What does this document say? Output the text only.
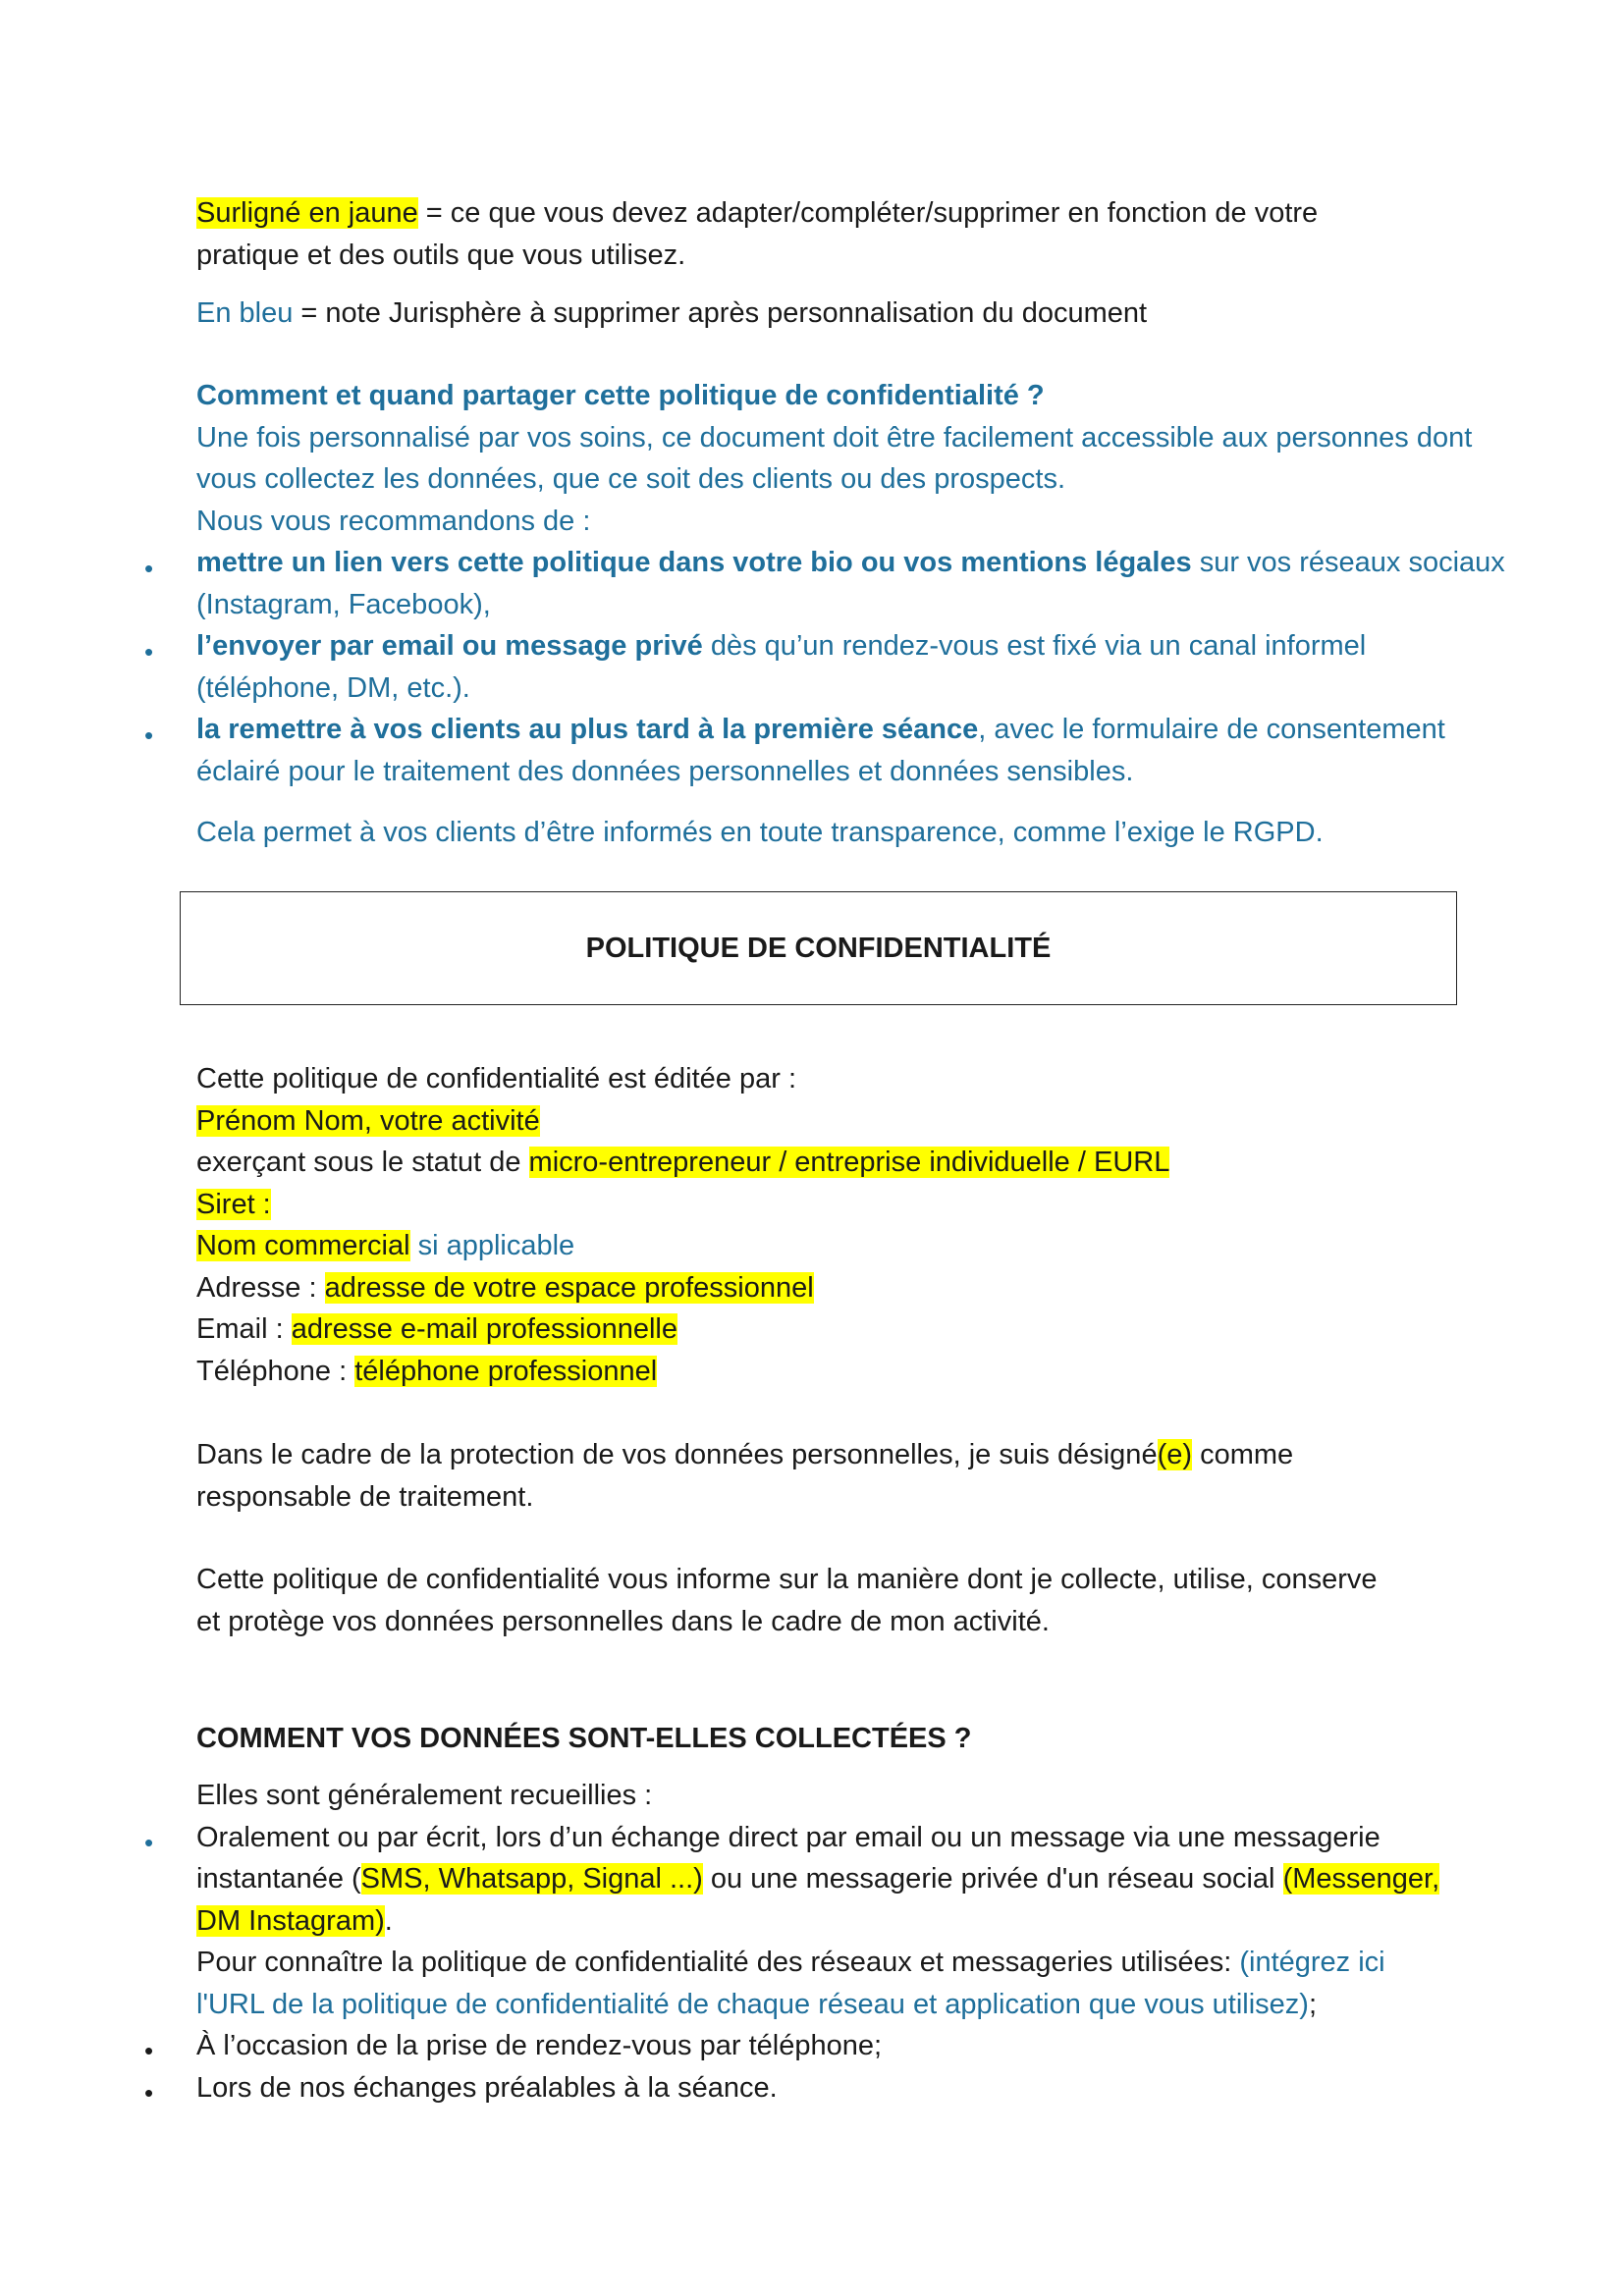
Surligné en jaune = ce que vous devez adapter/compléter/supprimer en fonction de votre
pratique et des outils que vous utilisez.
En bleu = note Jurisphère à supprimer après personnalisation du document
Comment et quand partager cette politique de confidentialité ?
Une fois personnalisé par vos soins, ce document doit être facilement accessible aux personnes dont
vous collectez les données, que ce soit des clients ou des prospects.
Nous vous recommandons de :
mettre un lien vers cette politique dans votre bio ou vos mentions légales sur vos réseaux sociaux
(Instagram, Facebook),
l’envoyer par email ou message privé dès qu’un rendez-vous est fixé via un canal informel
(téléphone, DM, etc.).
la remettre à vos clients au plus tard à la première séance, avec le formulaire de consentement
éclairé pour le traitement des données personnelles et données sensibles.
•
•
•
Cela permet à vos clients d’être informés en toute transparence, comme l’exige le RGPD.
POLITIQUE DE CONFIDENTIALITÉ
Cette politique de confidentialité est éditée par :
Prénom Nom, votre activité
exerçant sous le statut de micro-entrepreneur / entreprise individuelle / EURL
Siret :
Nom commercial si applicable
Adresse : adresse de votre espace professionnel
Email : adresse e-mail professionnelle
Téléphone : téléphone professionnel
Dans le cadre de la protection de vos données personnelles, je suis désigné(e) comme
responsable de traitement.
Cette politique de confidentialité vous informe sur la manière dont je collecte, utilise, conserve
et protège vos données personnelles dans le cadre de mon activité.
COMMENT VOS DONNÉES SONT-ELLES COLLECTÉES ?
Elles sont généralement recueillies :
Oralement ou par écrit, lors d’un échange direct par email ou un message via une messagerie
instantanée (SMS, Whatsapp, Signal ...) ou une messagerie privée d'un réseau social (Messenger,
DM Instagram).
Pour connaître la politique de confidentialité des réseaux et messageries utilisées: (intégrez ici
l'URL de la politique de confidentialité de chaque réseau et application que vous utilisez);
À l’occasion de la prise de rendez-vous par téléphone;
Lors de nos échanges préalables à la séance.
•
•
•
